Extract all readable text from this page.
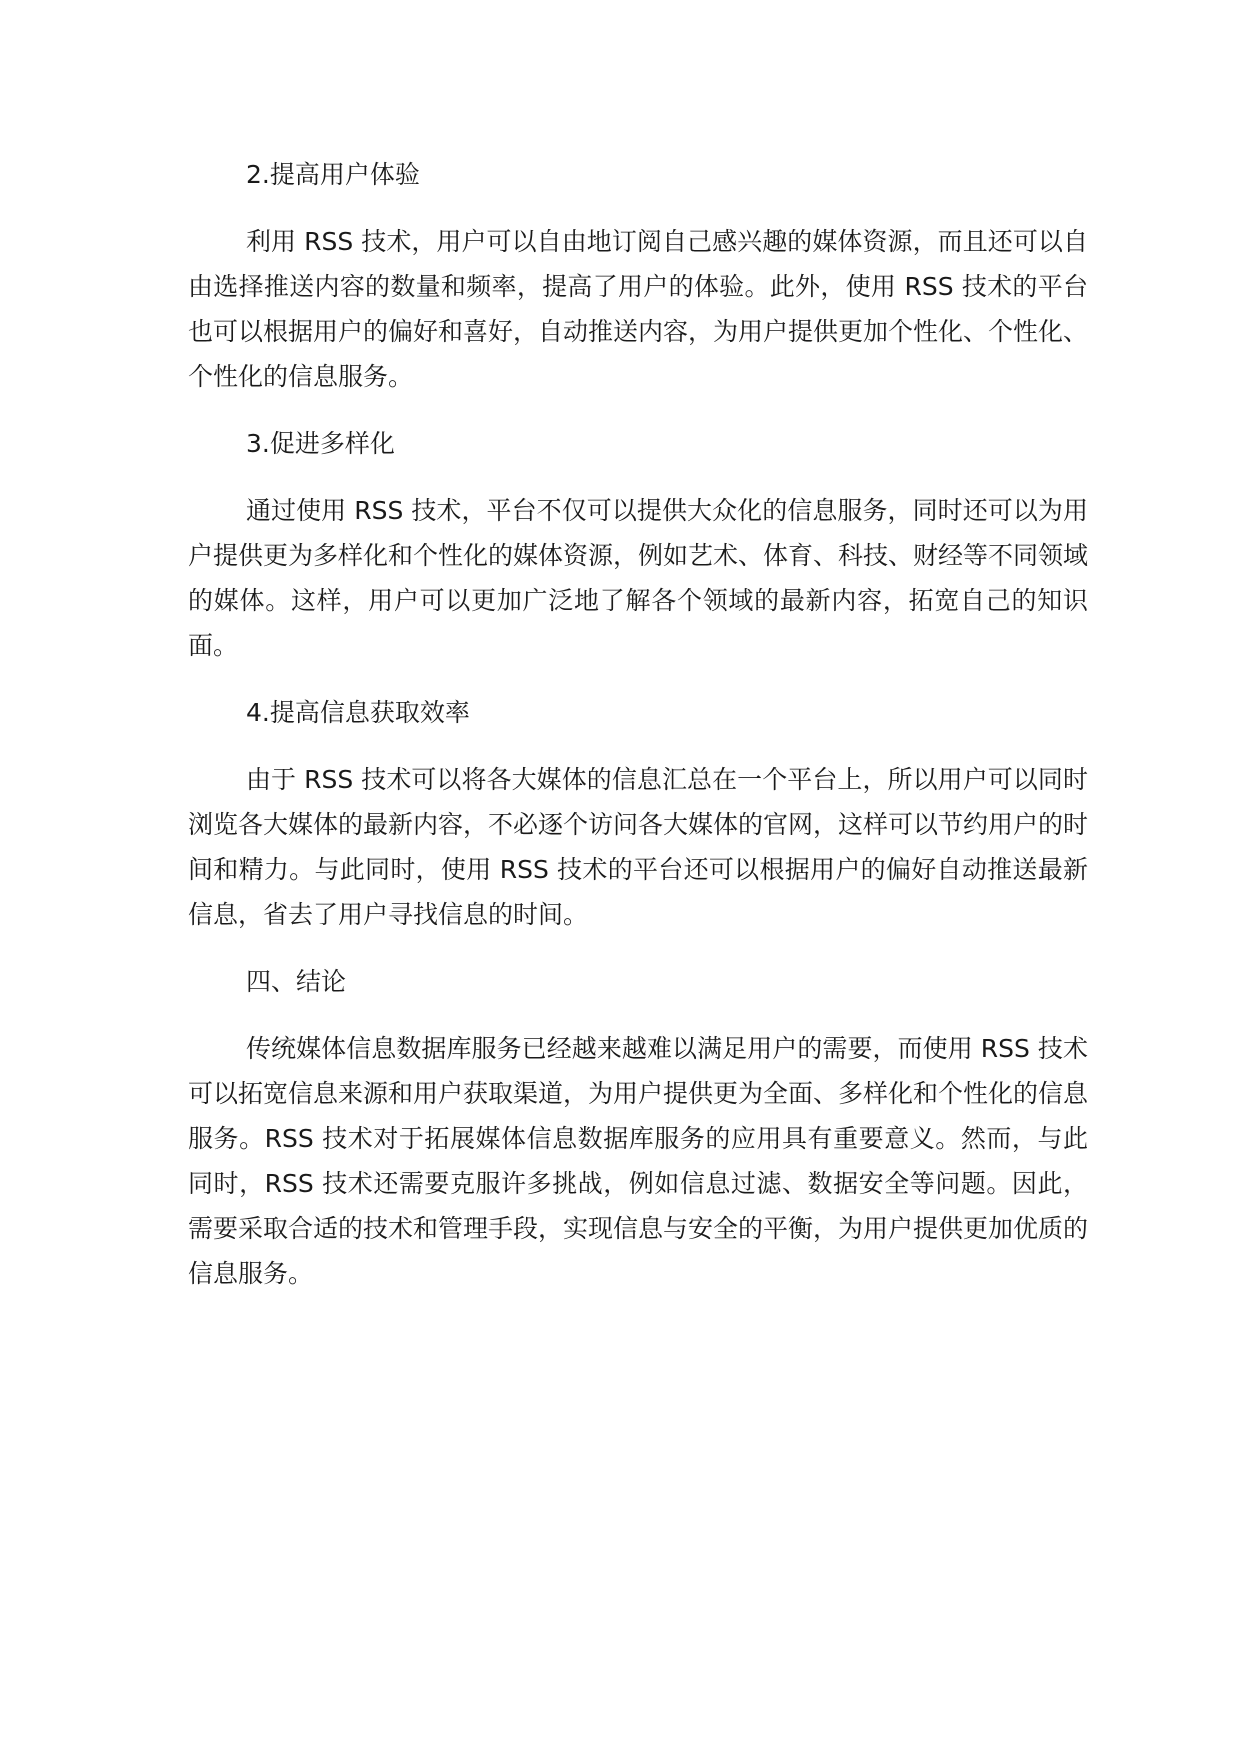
2.提高用户体验

利用 RSS 技术，用户可以自由地订阅自己感兴趣的媒体资源，而且还可以自由选择推送内容的数量和频率，提高了用户的体验。此外，使用 RSS 技术的平台也可以根据用户的偏好和喜好，自动推送内容，为用户提供更加个性化、个性化、个性化的信息服务。

3.促进多样化

通过使用 RSS 技术，平台不仅可以提供大众化的信息服务，同时还可以为用户提供更为多样化和个性化的媒体资源，例如艺术、体育、科技、财经等不同领域的媒体。这样，用户可以更加广泛地了解各个领域的最新内容，拓宽自己的知识面。

4.提高信息获取效率

由于 RSS 技术可以将各大媒体的信息汇总在一个平台上，所以用户可以同时浏览各大媒体的最新内容，不必逐个访问各大媒体的官网，这样可以节约用户的时间和精力。与此同时，使用 RSS 技术的平台还可以根据用户的偏好自动推送最新信息，省去了用户寻找信息的时间。

四、结论

传统媒体信息数据库服务已经越来越难以满足用户的需要，而使用 RSS 技术可以拓宽信息来源和用户获取渠道，为用户提供更为全面、多样化和个性化的信息服务。RSS 技术对于拓展媒体信息数据库服务的应用具有重要意义。然而，与此同时，RSS 技术还需要克服许多挑战，例如信息过滤、数据安全等问题。因此，需要采取合适的技术和管理手段，实现信息与安全的平衡，为用户提供更加优质的信息服务。
